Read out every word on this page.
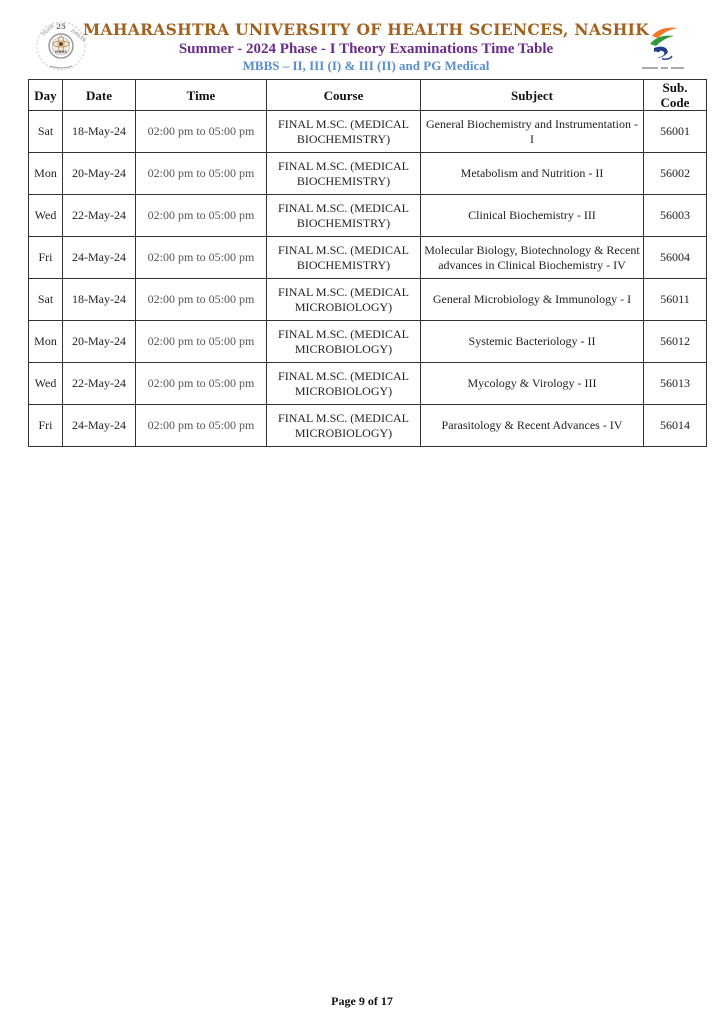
MUHS
25
SILVER	JUBILEE
MAHARASHTRA UNIVERSITY OF HEALTH SCIENCES, NASHIK
Summer - 2024 Phase - I Theory Examinations Time Table
MBBS – II, III (I) & III (II) and PG Medical
Day	Date	Time	Course	Subject	Sub. Code
Sat	18-May-24	02:00 pm to 05:00 pm	FINAL M.SC. (MEDICAL BIOCHEMISTRY)	General Biochemistry and Instrumentation - I	56001
Mon	20-May-24	02:00 pm to 05:00 pm	FINAL M.SC. (MEDICAL BIOCHEMISTRY)	Metabolism and Nutrition - II	56002
Wed	22-May-24	02:00 pm to 05:00 pm	FINAL M.SC. (MEDICAL BIOCHEMISTRY)	Clinical Biochemistry - III	56003
Fri	24-May-24	02:00 pm to 05:00 pm	FINAL M.SC. (MEDICAL BIOCHEMISTRY)	Molecular Biology, Biotechnology & Recent advances in Clinical Biochemistry - IV	56004
Sat	18-May-24	02:00 pm to 05:00 pm	FINAL M.SC. (MEDICAL MICROBIOLOGY)	General Microbiology & Immunology - I	56011
Mon	20-May-24	02:00 pm to 05:00 pm	FINAL M.SC. (MEDICAL MICROBIOLOGY)	Systemic Bacteriology - II	56012
Wed	22-May-24	02:00 pm to 05:00 pm	FINAL M.SC. (MEDICAL MICROBIOLOGY)	Mycology & Virology - III	56013
Fri	24-May-24	02:00 pm to 05:00 pm	FINAL M.SC. (MEDICAL MICROBIOLOGY)	Parasitology & Recent Advances - IV	56014
Page 9 of 17
